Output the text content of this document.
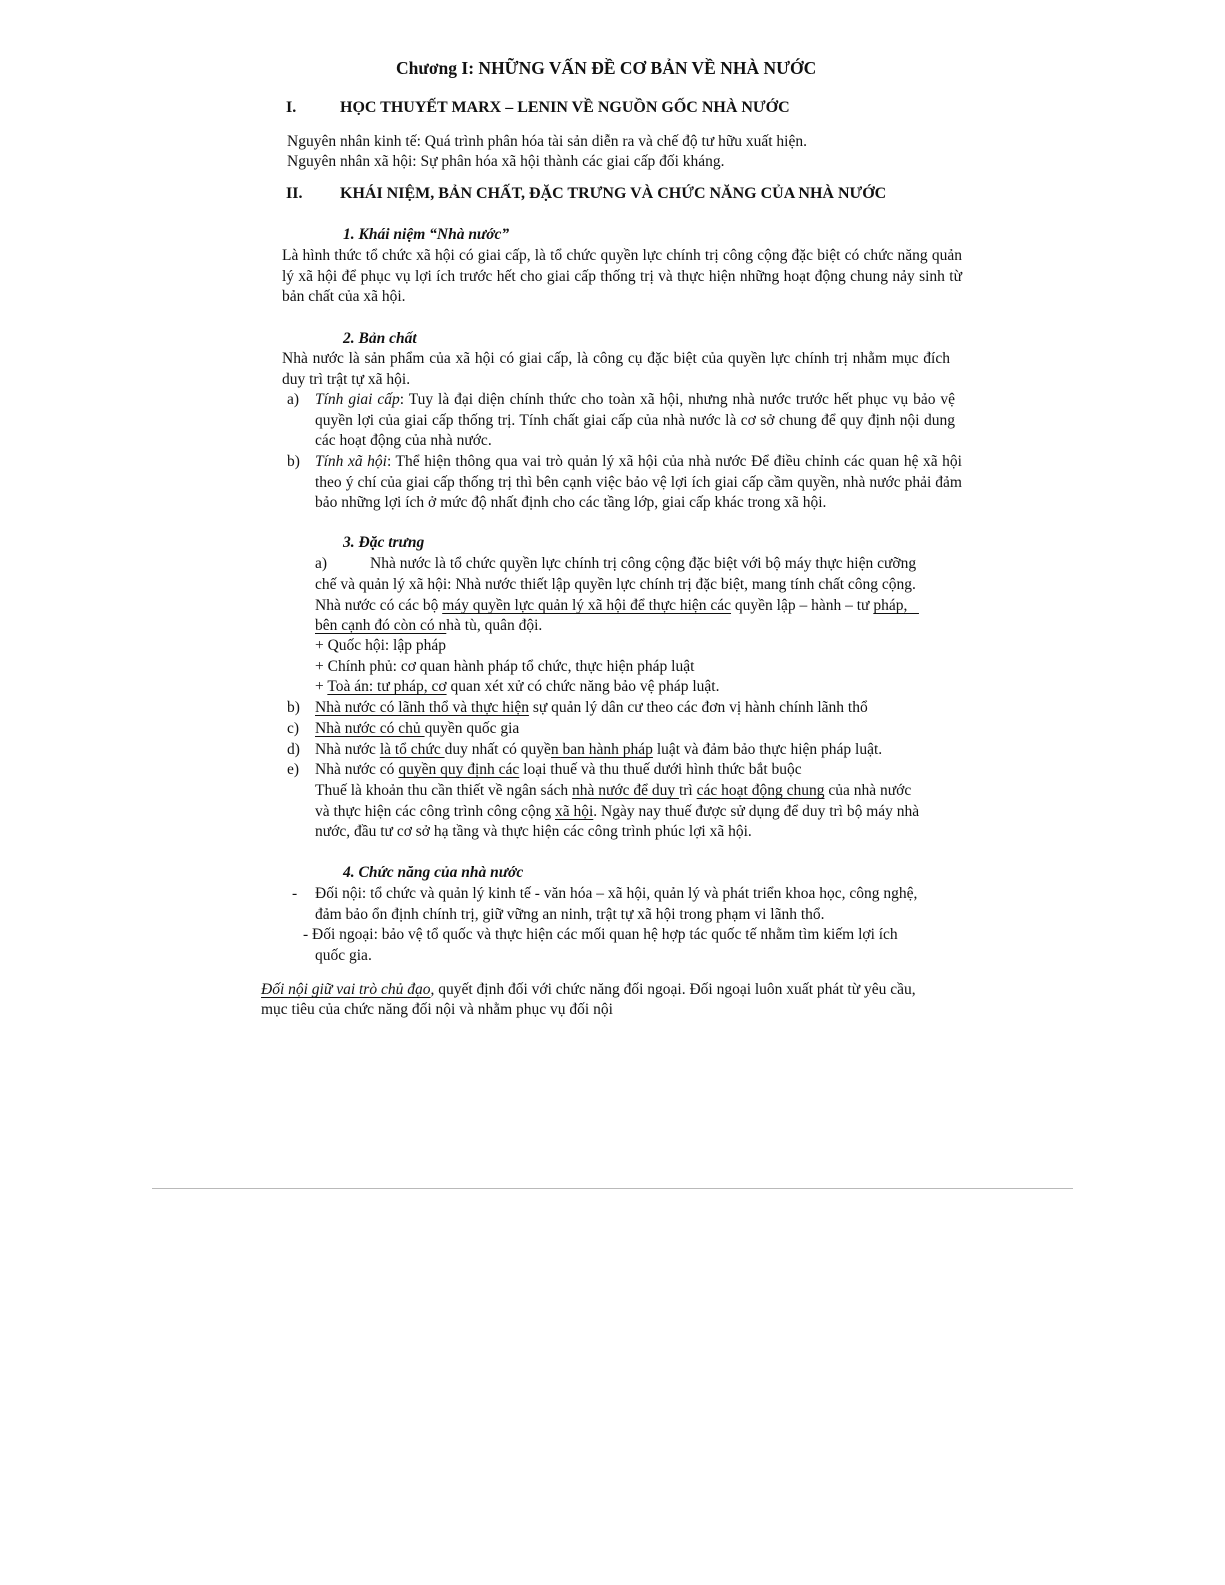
Chương I: NHỮNG VẤN ĐỀ CƠ BẢN VỀ NHÀ NƯỚC
I.	HỌC THUYẾT MARX – LENIN VỀ NGUỒN GỐC NHÀ NƯỚC
Nguyên nhân kinh tế: Quá trình phân hóa tài sản diễn ra và chế độ tư hữu xuất hiện.
Nguyên nhân xã hội: Sự phân hóa xã hội thành các giai cấp đối kháng.
II. KHÁI NIỆM, BẢN CHẤT, ĐẶC TRƯNG VÀ CHỨC NĂNG CỦA NHÀ NƯỚC
1. Khái niệm “Nhà nước”
Là hình thức tổ chức xã hội có giai cấp, là tổ chức quyền lực chính trị công cộng đặc biệt có chức năng quản lý xã hội để phục vụ lợi ích trước hết cho giai cấp thống trị và thực hiện những hoạt động chung nảy sinh từ bản chất của xã hội.
2. Bản chất
Nhà nước là sản phẩm của xã hội có giai cấp, là công cụ đặc biệt của quyền lực chính trị nhằm mục đích duy trì trật tự xã hội.
a) Tính giai cấp: Tuy là đại diện chính thức cho toàn xã hội, nhưng nhà nước trước hết phục vụ bảo vệ quyền lợi của giai cấp thống trị. Tính chất giai cấp của nhà nước là cơ sở chung để quy định nội dung các hoạt động của nhà nước.
b) Tính xã hội: Thể hiện thông qua vai trò quản lý xã hội của nhà nước Để điều chỉnh các quan hệ xã hội theo ý chí của giai cấp thống trị thì bên cạnh việc bảo vệ lợi ích giai cấp cầm quyền, nhà nước phải đảm bảo những lợi ích ở mức độ nhất định cho các tầng lớp, giai cấp khác trong xã hội.
3. Đặc trưng
a)	Nhà nước là tổ chức quyền lực chính trị công cộng đặc biệt với bộ máy thực hiện cưỡng
chế và quản lý xã hội: Nhà nước thiết lập quyền lực chính trị đặc biệt, mang tính chất công cộng.
Nhà nước có các bộ máy quyền lực quản lý xã hội để thực hiện các quyền lập – hành – tư pháp,
bên cạnh đó còn có nhà tù, quân đội.
+ Quốc hội: lập pháp
+ Chính phủ: cơ quan hành pháp tổ chức, thực hiện pháp luật
+ Toà án: tư pháp, cơ quan xét xử có chức năng bảo vệ pháp luật.
b) Nhà nước có lãnh thổ và thực hiện sự quản lý dân cư theo các đơn vị hành chính lãnh thổ
c) Nhà nước có chủ quyền quốc gia
d) Nhà nước là tổ chức duy nhất có quyền ban hành pháp luật và đảm bảo thực hiện pháp luật.
e) Nhà nước có quyền quy định các loại thuế và thu thuế dưới hình thức bắt buộc
Thuế là khoản thu cần thiết về ngân sách nhà nước để duy trì các hoạt động chung của nhà nước
và thực hiện các công trình công cộng xã hội. Ngày nay thuế được sử dụng để duy trì bộ máy nhà
nước, đầu tư cơ sở hạ tầng và thực hiện các công trình phúc lợi xã hội.
4. Chức năng của nhà nước
- Đối nội: tổ chức và quản lý kinh tế - văn hóa – xã hội, quản lý và phát triển khoa học, công nghệ,
đảm bảo ổn định chính trị, giữ vững an ninh, trật tự xã hội trong phạm vi lãnh thổ.
- Đối ngoại: bảo vệ tổ quốc và thực hiện các mối quan hệ hợp tác quốc tế nhằm tìm kiếm lợi ích
quốc gia.
Đối nội giữ vai trò chủ đạo, quyết định đối với chức năng đối ngoại. Đối ngoại luôn xuất phát từ yêu cầu,
mục tiêu của chức năng đối nội và nhằm phục vụ đối nội
